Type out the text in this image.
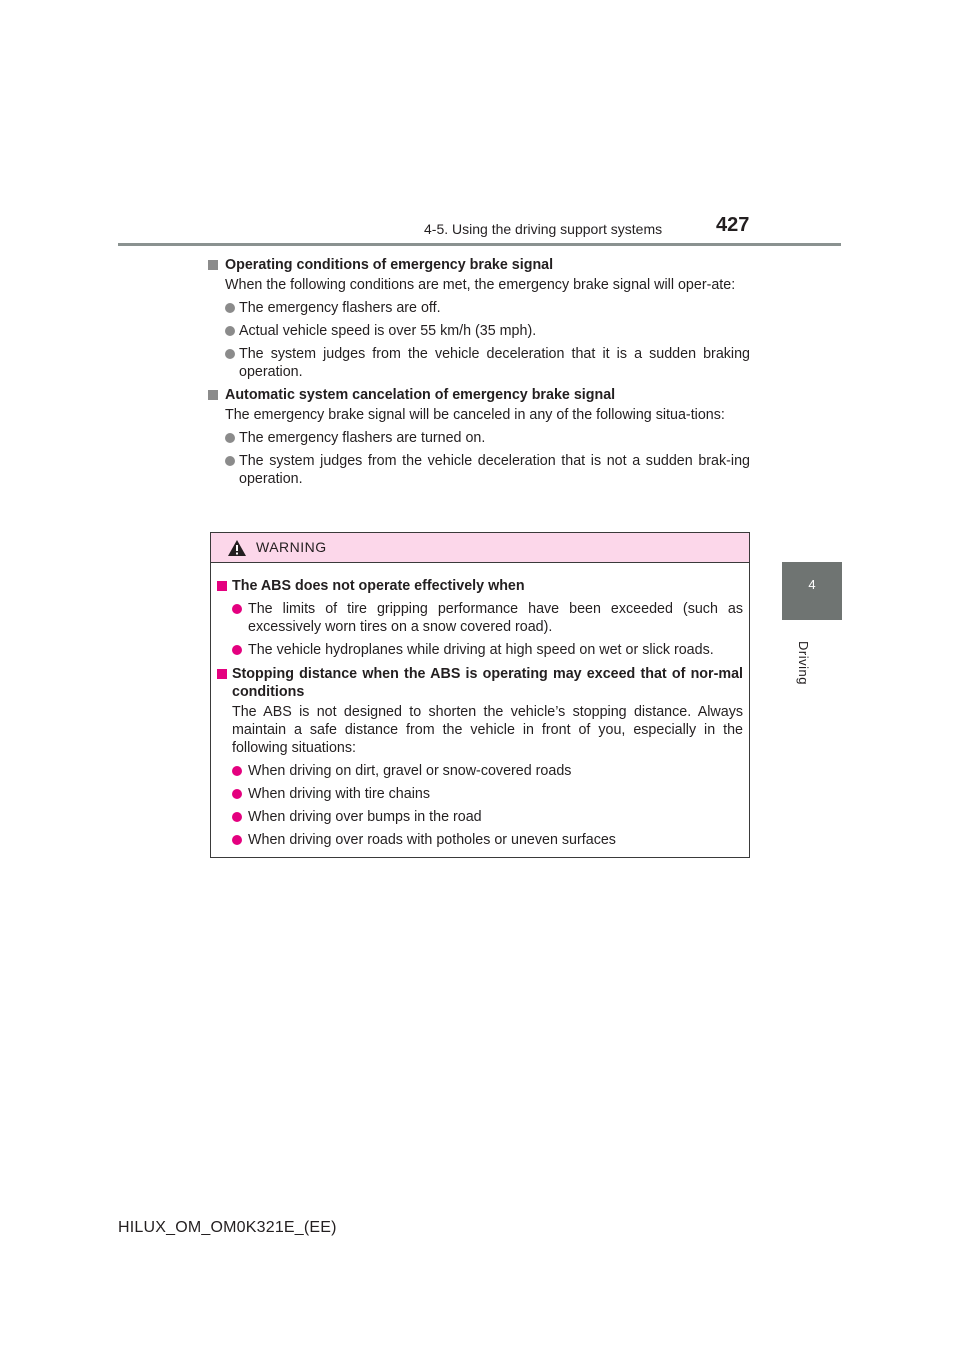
4-5. Using the driving support systems	427
4
Driving
Operating conditions of emergency brake signal
When the following conditions are met, the emergency brake signal will oper-ate:
The emergency flashers are off.
Actual vehicle speed is over 55 km/h (35 mph).
The system judges from the vehicle deceleration that it is a sudden braking operation.
Automatic system cancelation of emergency brake signal
The emergency brake signal will be canceled in any of the following situa-tions:
The emergency flashers are turned on.
The system judges from the vehicle deceleration that is not a sudden brak-ing operation.
WARNING
The ABS does not operate effectively when
The limits of tire gripping performance have been exceeded (such as excessively worn tires on a snow covered road).
The vehicle hydroplanes while driving at high speed on wet or slick roads.
Stopping distance when the ABS is operating may exceed that of nor-mal conditions
The ABS is not designed to shorten the vehicle’s stopping distance. Always maintain a safe distance from the vehicle in front of you, especially in the following situations:
When driving on dirt, gravel or snow-covered roads
When driving with tire chains
When driving over bumps in the road
When driving over roads with potholes or uneven surfaces
HILUX_OM_OM0K321E_(EE)
